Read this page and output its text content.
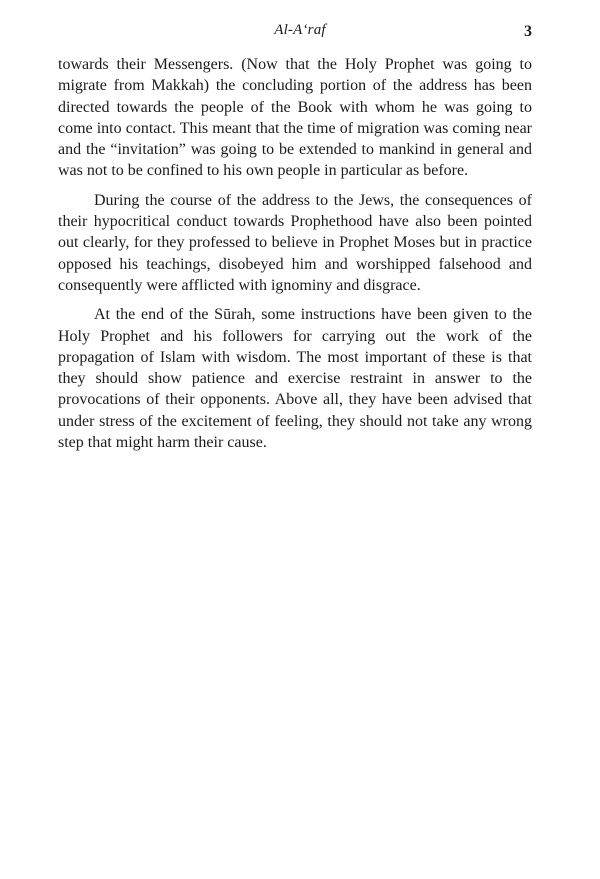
Al-A‘raf	3

towards their Messengers. (Now that the Holy Prophet was going to migrate from Makkah) the concluding portion of the address has been directed towards the people of the Book with whom he was going to come into contact. This meant that the time of migration was coming near and the “invitation” was going to be extended to mankind in general and was not to be confined to his own people in particular as before.

During the course of the address to the Jews, the consequences of their hypocritical conduct towards Prophethood have also been pointed out clearly, for they professed to believe in Prophet Moses but in practice opposed his teachings, disobeyed him and worshipped falsehood and consequently were afflicted with ignominy and disgrace.

At the end of the Sūrah, some instructions have been given to the Holy Prophet and his followers for carrying out the work of the propagation of Islam with wisdom. The most important of these is that they should show patience and exercise restraint in answer to the provocations of their opponents. Above all, they have been advised that under stress of the excitement of feeling, they should not take any wrong step that might harm their cause.
